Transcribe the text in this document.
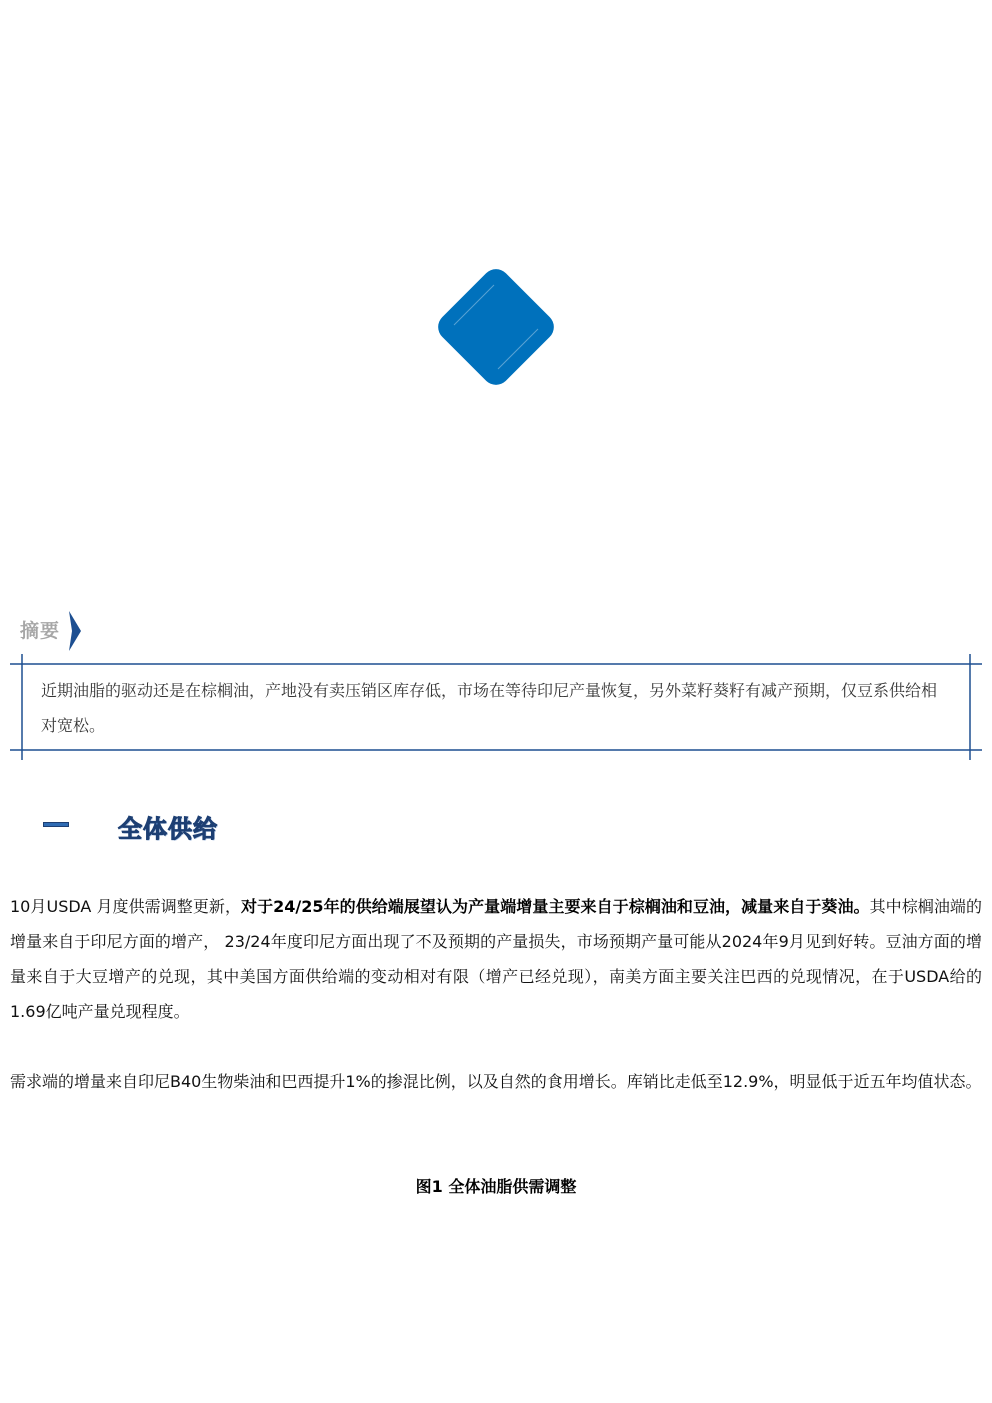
摘要
近期油脂的驱动还是在棕榈油，产地没有卖压销区库存低，市场在等待印尼产量恢复，另外菜籽葵籽有减产预期，仅豆系供给相对宽松。
全体供给
10月USDA 月度供需调整更新，对于24/25年的供给端展望认为产量端增量主要来自于棕榈油和豆油，减量来自于葵油。其中棕榈油端的增量来自于印尼方面的增产， 23/24年度印尼方面出现了不及预期的产量损失，市场预期产量可能从2024年9月见到好转。豆油方面的增量来自于大豆增产的兑现，其中美国方面供给端的变动相对有限（增产已经兑现），南美方面主要关注巴西的兑现情况，在于USDA给的1.69亿吨产量兑现程度。
需求端的增量来自印尼B40生物柴油和巴西提升1%的掺混比例，以及自然的食用增长。库销比走低至12.9%，明显低于近五年均值状态。
图1 全体油脂供需调整
